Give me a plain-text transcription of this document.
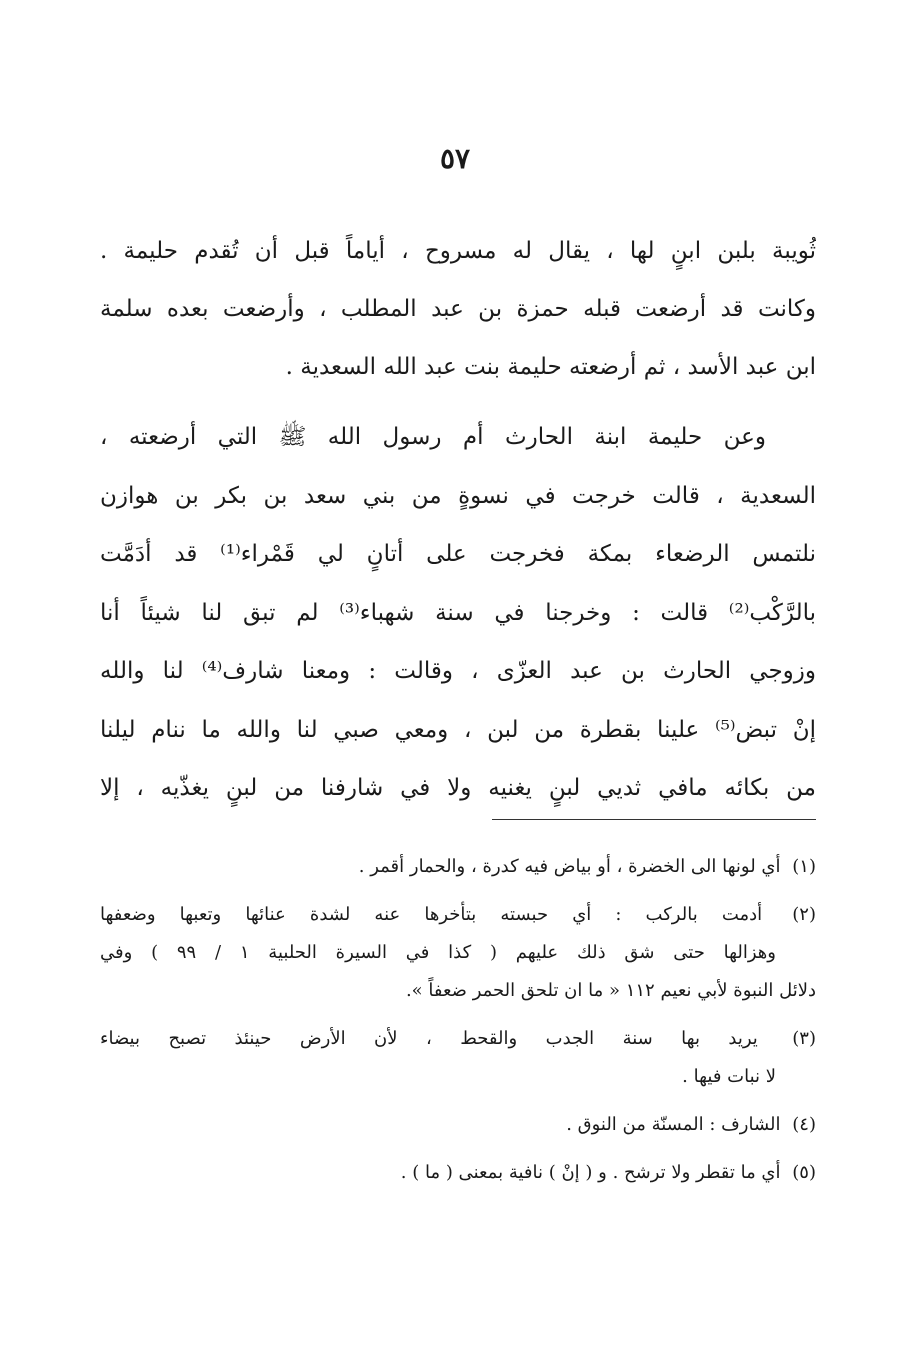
٥٧
ثُويبة بلبن ابنٍ لها ، يقال له مسروح ، أياماً قبل أن تُقدم حليمة .
وكانت قد أرضعت قبله حمزة بن عبد المطلب ، وأرضعت بعده سلمة
ابن عبد الأسد ، ثم أرضعته حليمة بنت عبد الله السعدية .
وعن حليمة ابنة الحارث أم رسول الله ﷺ التي أرضعته ،
السعدية ، قالت خرجت في نسوةٍ من بني سعد بن بكر بن هوازن
نلتمس الرضعاء بمكة فخرجت على أتانٍ لي قَمْراء⁽¹⁾ قد أدَمَّت
بالرَّكْب⁽²⁾ قالت : وخرجنا في سنة شهباء⁽³⁾ لم تبق لنا شيئاً أنا
وزوجي الحارث بن عبد العزّى ، وقالت : ومعنا شارف⁽⁴⁾ لنا والله
إنْ تبض⁽⁵⁾ علينا بقطرة من لبن ، ومعي صبي لنا والله ما ننام ليلنا
من بكائه مافي ثديي لبنٍ يغنيه ولا في شارفنا من لبنٍ يغذّيه ، إلا
(١) أي لونها الى الخضرة ، أو بياض فيه كدرة ، والحمار أقمر .
(٢) أدمت بالركب : أي حبسته بتأخرها عنه لشدة عنائها وتعبها وضعفها
وهزالها حتى شق ذلك عليهم ( كذا في السيرة الحلبية ١ / ٩٩ ) وفي
دلائل النبوة لأبي نعيم ١١٢ « ما ان تلحق الحمر ضعفاً ».
(٣) يريد بها سنة الجدب والقحط ، لأن الأرض حينئذ تصبح بيضاء
لا نبات فيها .
(٤) الشارف : المسنّة من النوق .
(٥) أي ما تقطر ولا ترشح . و ( إنْ ) نافية بمعنى ( ما ) .
